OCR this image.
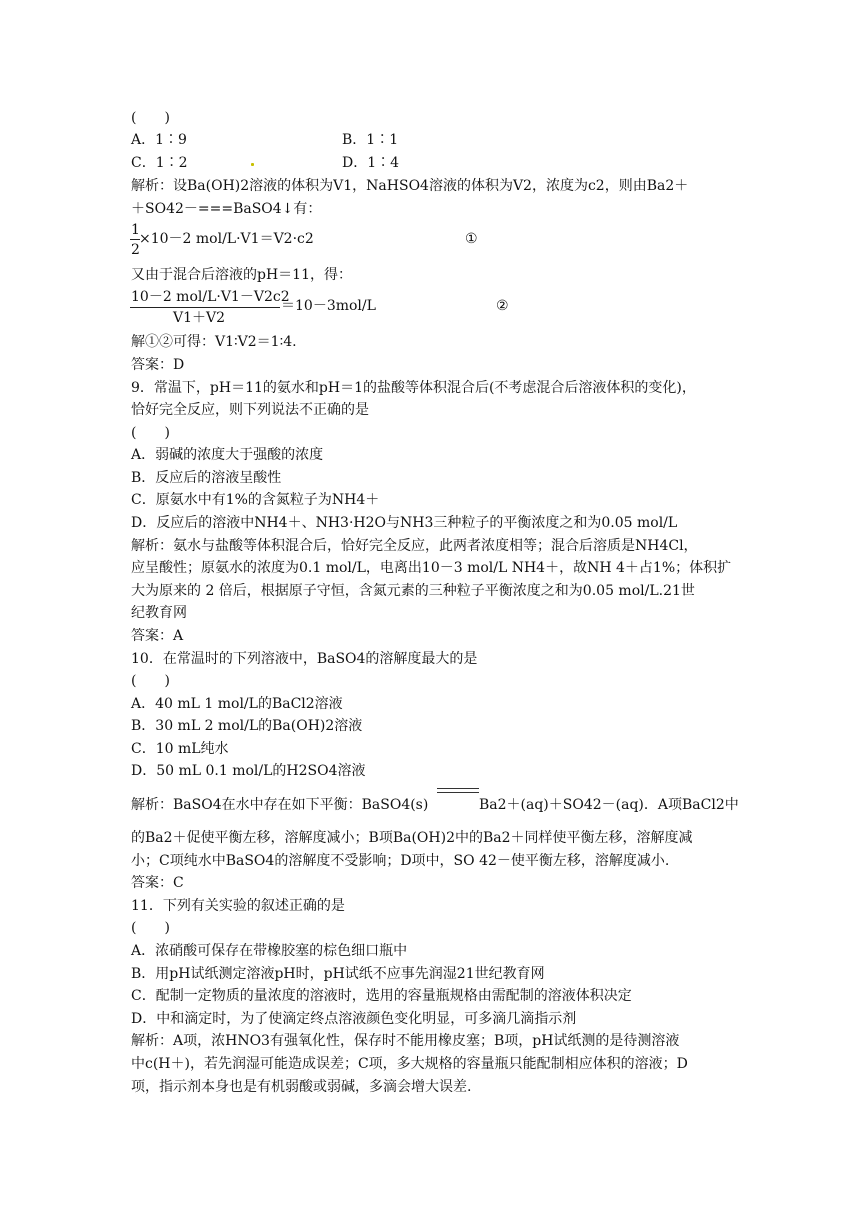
(　　)
A．1∶9	B．1∶1
C．1∶2	D．1∶4
解析：设Ba(OH)2溶液的体积为V1，NaHSO4溶液的体积为V2，浓度为c2，则由Ba2＋
＋SO42－===BaSO4↓有：
1
2
×10－2 mol/L·V1＝V2·c2	①
又由于混合后溶液的pH＝11，得：
10－2 mol/L·V1－V2c2
V1＋V2
＝10－3mol/L	②
解①②可得：V1∶V2＝1∶4.
答案：D
9．常温下，pH＝11的氨水和pH＝1的盐酸等体积混合后(不考虑混合后溶液体积的变化)，
恰好完全反应，则下列说法不正确的是
(　　)
A．弱碱的浓度大于强酸的浓度
B．反应后的溶液呈酸性
C．原氨水中有1%的含氮粒子为NH4＋
D．反应后的溶液中NH4＋、NH3·H2O与NH3三种粒子的平衡浓度之和为0.05 mol/L
解析：氨水与盐酸等体积混合后，恰好完全反应，此两者浓度相等；混合后溶质是NH4Cl，
应呈酸性；原氨水的浓度为0.1 mol/L，电离出10－3 mol/L NH4＋，故NH 4＋占1%；体积扩
大为原来的 2 倍后，根据原子守恒，含氮元素的三种粒子平衡浓度之和为0.05 mol/L.21世
纪教育网
答案：A
10．在常温时的下列溶液中，BaSO4的溶解度最大的是
(　　)
A．40 mL 1 mol/L的BaCl2溶液
B．30 mL 2 mol/L的Ba(OH)2溶液
C．10 mL纯水
D．50 mL 0.1 mol/L的H2SO4溶液
解析：BaSO4在水中存在如下平衡：BaSO4(s)	Ba2＋(aq)＋SO42－(aq)．A项BaCl2中
的Ba2＋促使平衡左移，溶解度减小；B项Ba(OH)2中的Ba2＋同样使平衡左移，溶解度减
小；C项纯水中BaSO4的溶解度不受影响；D项中，SO 42－使平衡左移，溶解度减小.
答案：C
11．下列有关实验的叙述正确的是
(　　)
A．浓硝酸可保存在带橡胶塞的棕色细口瓶中
B．用pH试纸测定溶液pH时，pH试纸不应事先润湿21世纪教育网
C．配制一定物质的量浓度的溶液时，选用的容量瓶规格由需配制的溶液体积决定
D．中和滴定时，为了使滴定终点溶液颜色变化明显，可多滴几滴指示剂
解析：A项，浓HNO3有强氧化性，保存时不能用橡皮塞；B项，pH试纸测的是待测溶液
中c(H＋)，若先润湿可能造成误差；C项，多大规格的容量瓶只能配制相应体积的溶液；D
项，指示剂本身也是有机弱酸或弱碱，多滴会增大误差.
